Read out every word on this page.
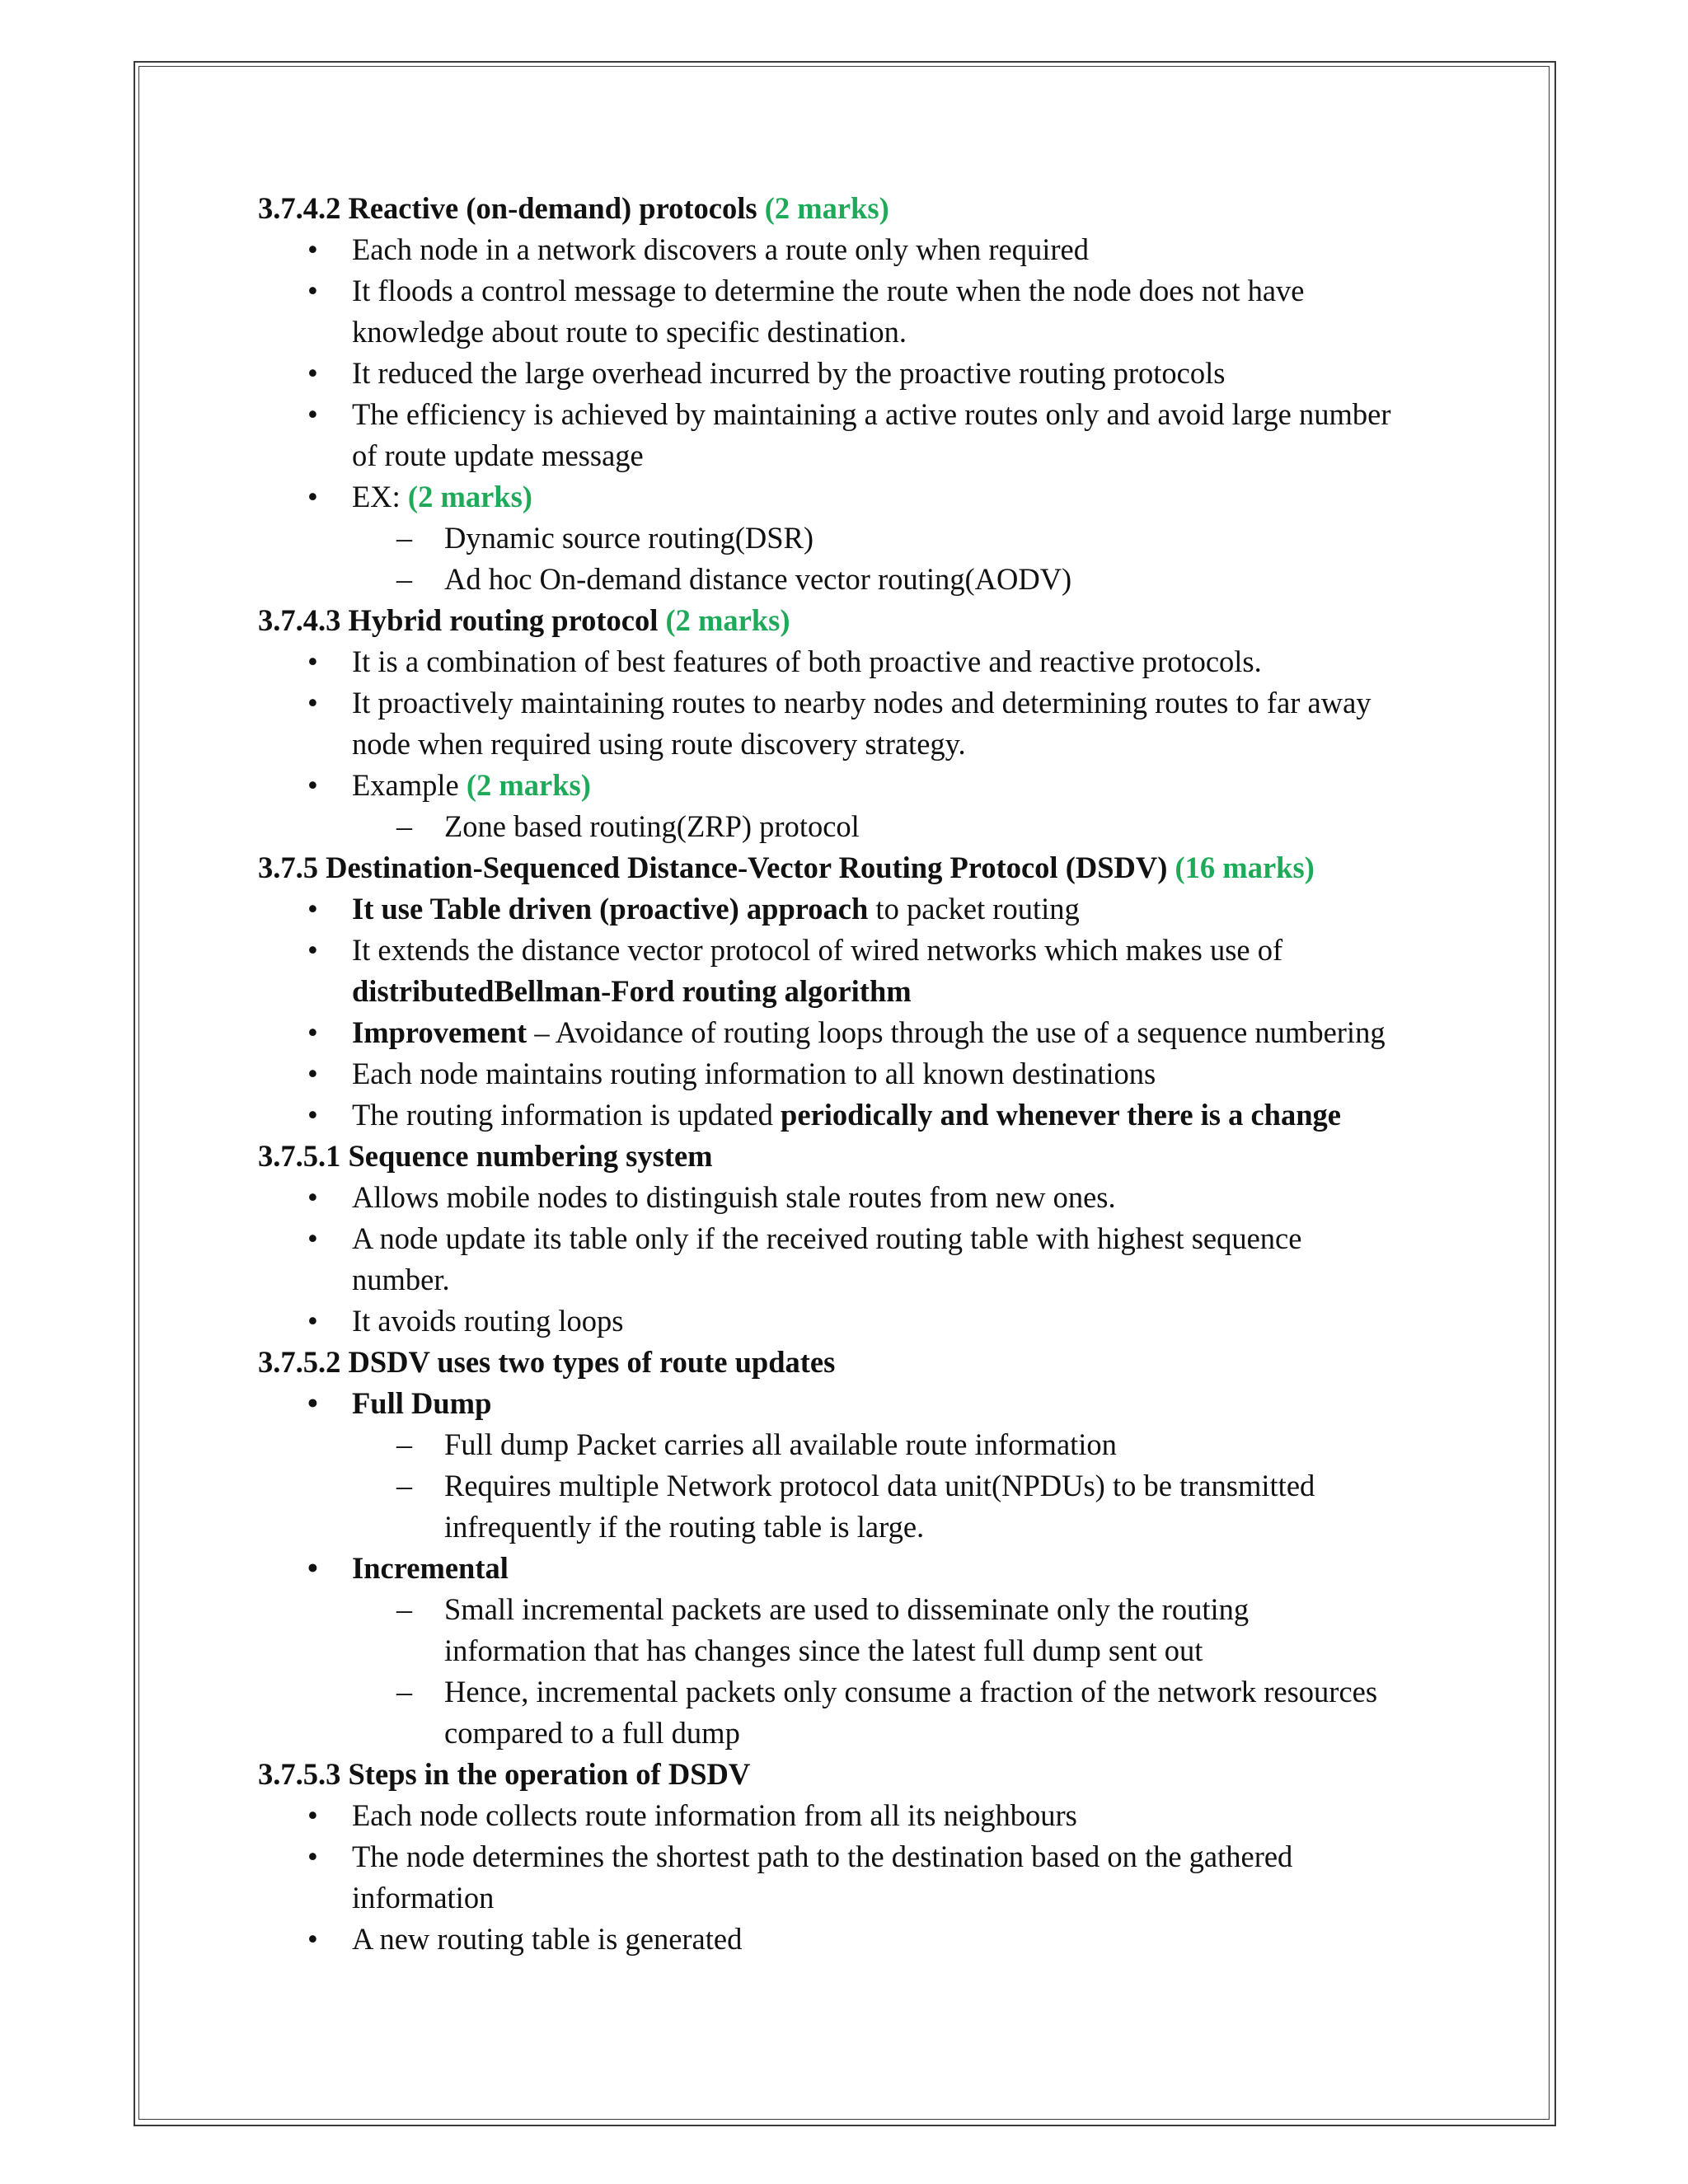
3.7.4.2 Reactive (on-demand) protocols (2 marks)
• Each node in a network discovers a route only when required
• It floods a control message to determine the route when the node does not have
knowledge about route to specific destination.
• It reduced the large overhead incurred by the proactive routing protocols
• The efficiency is achieved by maintaining a active routes only and avoid large number
of route update message
• EX: (2 marks)
– Dynamic source routing(DSR)
– Ad hoc On-demand distance vector routing(AODV)
3.7.4.3 Hybrid routing protocol (2 marks)
• It is a combination of best features of both proactive and reactive protocols.
• It proactively maintaining routes to nearby nodes and determining routes to far away
node when required using route discovery strategy.
• Example (2 marks)
– Zone based routing(ZRP) protocol
3.7.5 Destination-Sequenced Distance-Vector Routing Protocol (DSDV) (16 marks)
• It use Table driven (proactive) approach to packet routing
• It extends the distance vector protocol of wired networks which makes use of
distributedBellman-Ford routing algorithm
• Improvement – Avoidance of routing loops through the use of a sequence numbering
• Each node maintains routing information to all known destinations
• The routing information is updated periodically and whenever there is a change
3.7.5.1 Sequence numbering system
• Allows mobile nodes to distinguish stale routes from new ones.
• A node update its table only if the received routing table with highest sequence
number.
• It avoids routing loops
3.7.5.2 DSDV uses two types of route updates
• Full Dump
– Full dump Packet carries all available route information
– Requires multiple Network protocol data unit(NPDUs) to be transmitted
infrequently if the routing table is large.
• Incremental
– Small incremental packets are used to disseminate only the routing
information that has changes since the latest full dump sent out
– Hence, incremental packets only consume a fraction of the network resources
compared to a full dump
3.7.5.3 Steps in the operation of DSDV
• Each node collects route information from all its neighbours
• The node determines the shortest path to the destination based on the gathered
information
• A new routing table is generated
